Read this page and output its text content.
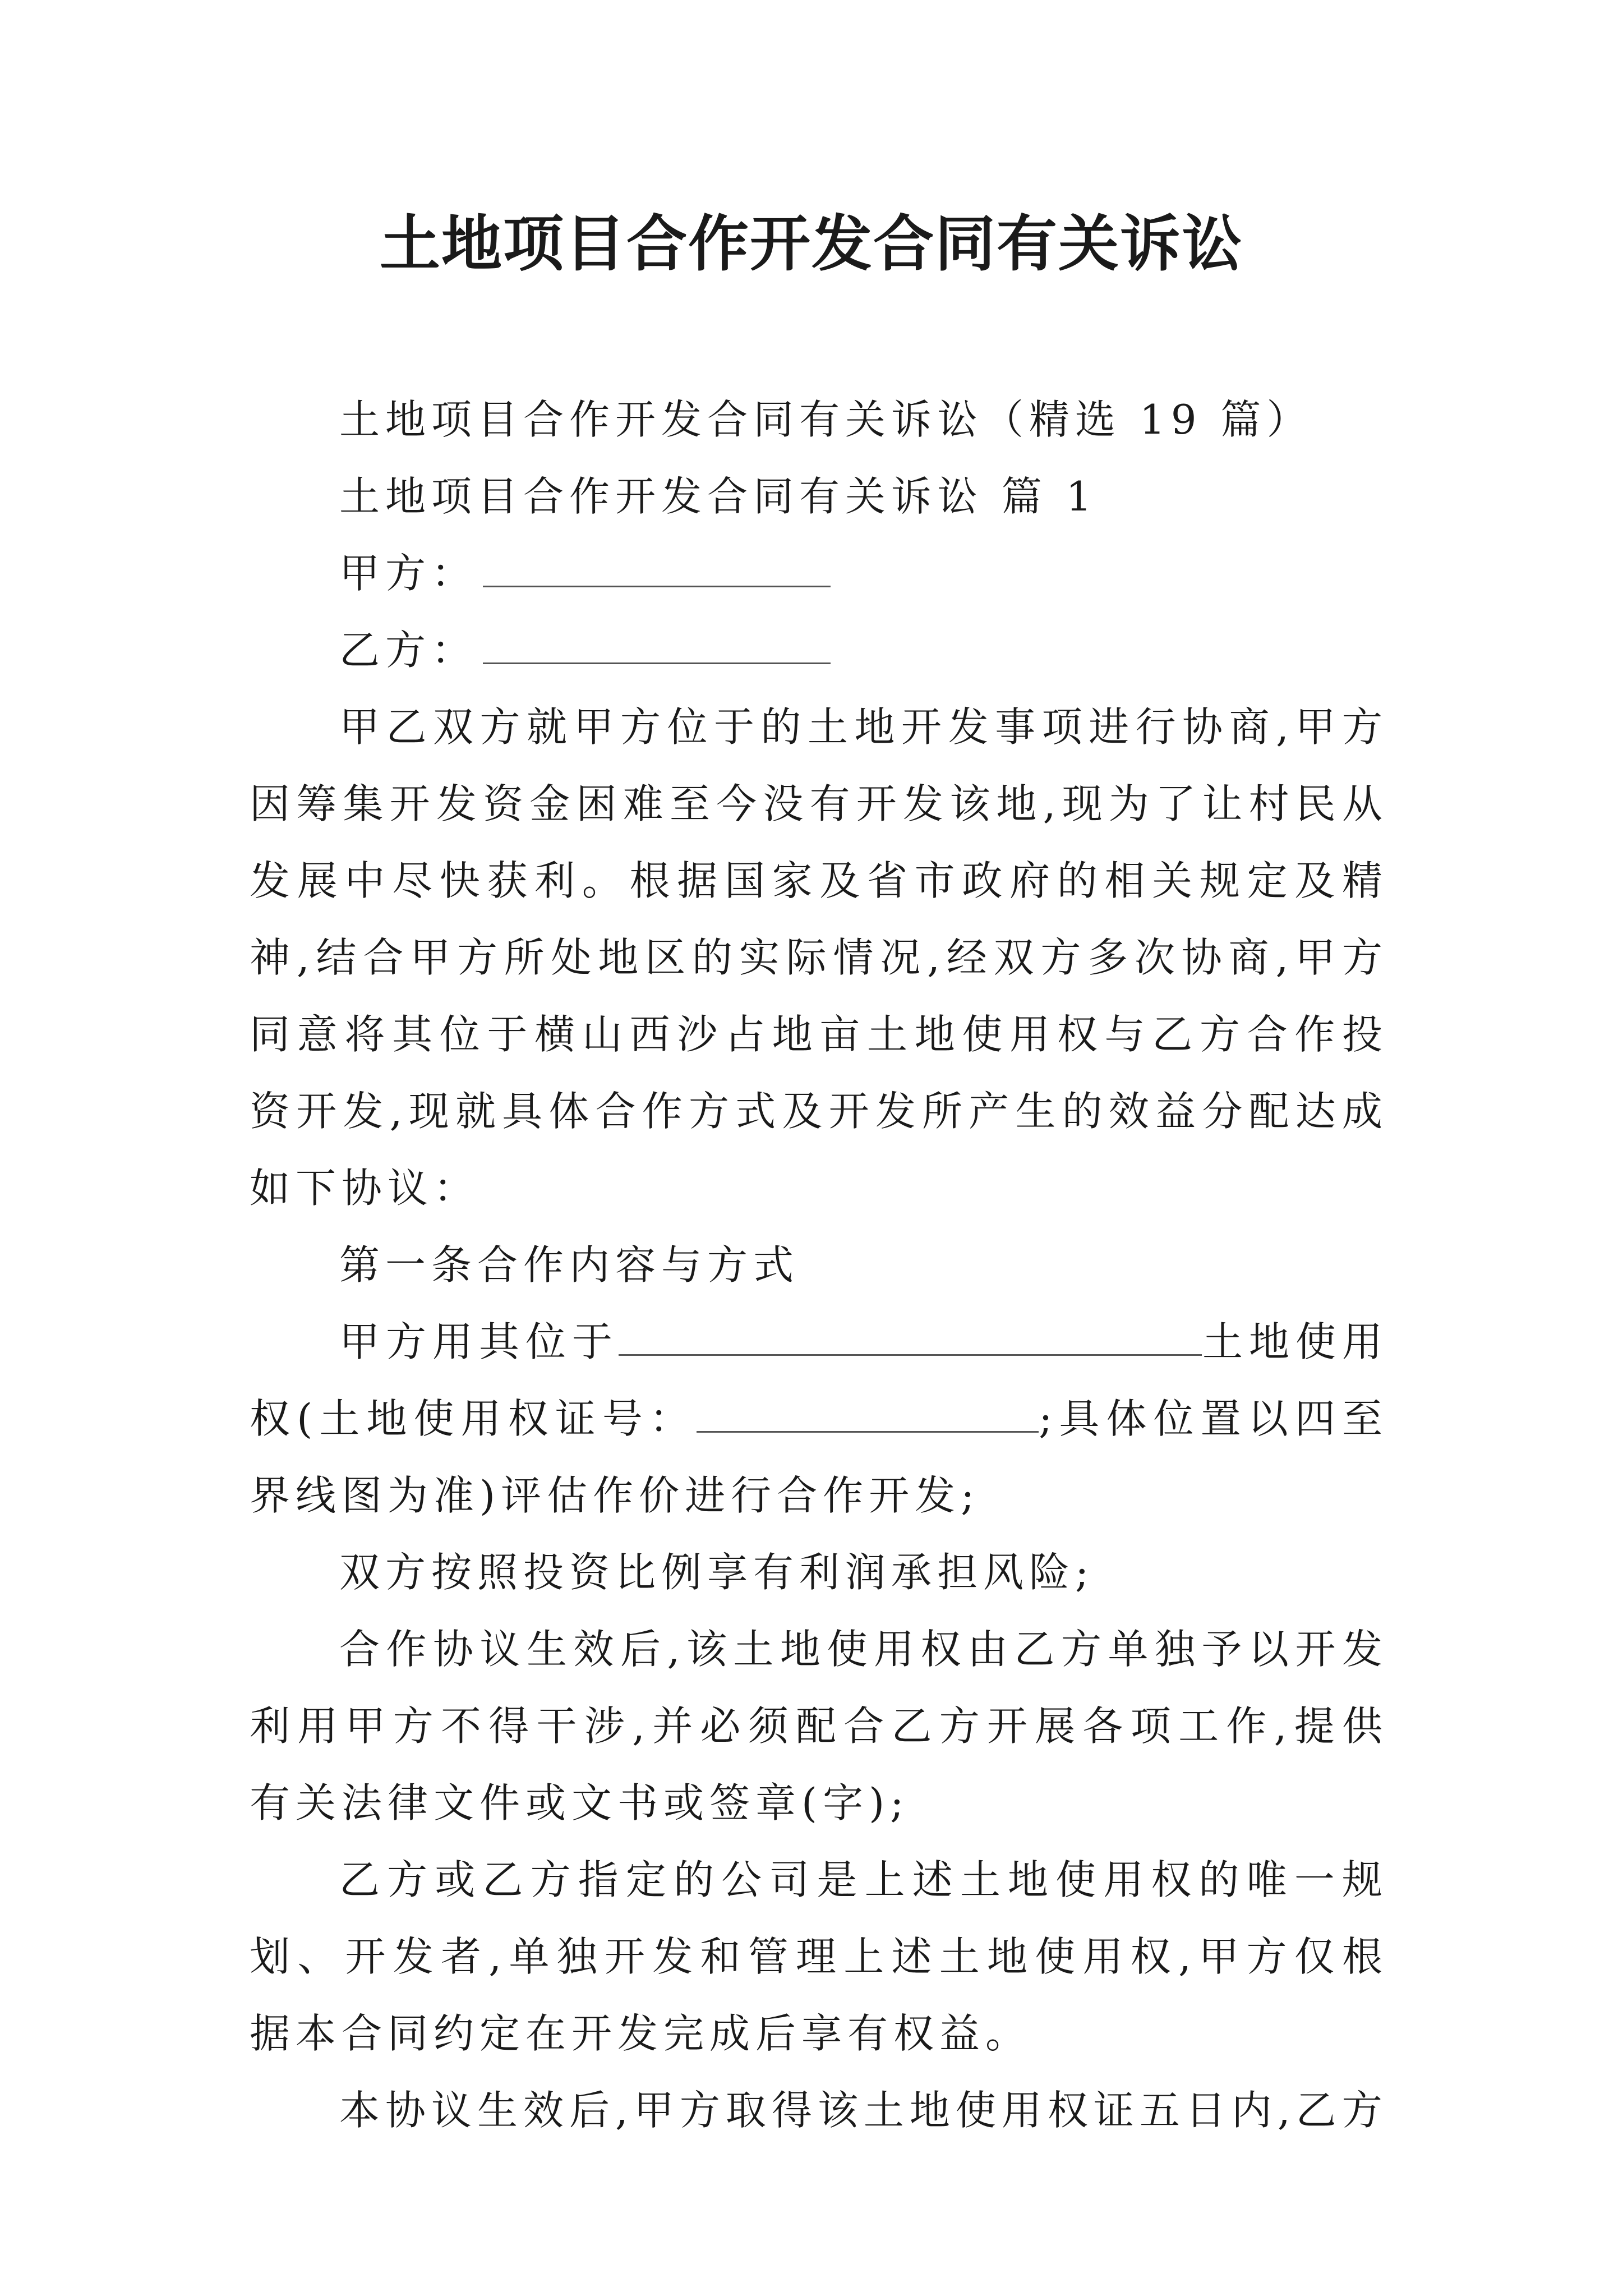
土地项目合作开发合同有关诉讼

土地项目合作开发合同有关诉讼（精选 19 篇）

土地项目合作开发合同有关诉讼 篇 1

甲方：

乙方：

甲乙双方就甲方位于的土地开发事项进行协商,甲方因筹集开发资金困难至今没有开发该地,现为了让村民从发展中尽快获利。根据国家及省市政府的相关规定及精神,结合甲方所处地区的实际情况,经双方多次协商,甲方同意将其位于横山西沙占地亩土地使用权与乙方合作投资开发,现就具体合作方式及开发所产生的效益分配达成如下协议：

第一条合作内容与方式

甲方用其位于	土地使用权(土地使用权证号：	;具体位置以四至界线图为准)评估作价进行合作开发;

双方按照投资比例享有利润承担风险;

合作协议生效后,该土地使用权由乙方单独予以开发利用甲方不得干涉,并必须配合乙方开展各项工作,提供有关法律文件或文书或签章(字);

乙方或乙方指定的公司是上述土地使用权的唯一规划、开发者,单独开发和管理上述土地使用权,甲方仅根据本合同约定在开发完成后享有权益。

本协议生效后,甲方取得该土地使用权证五日内,乙方
